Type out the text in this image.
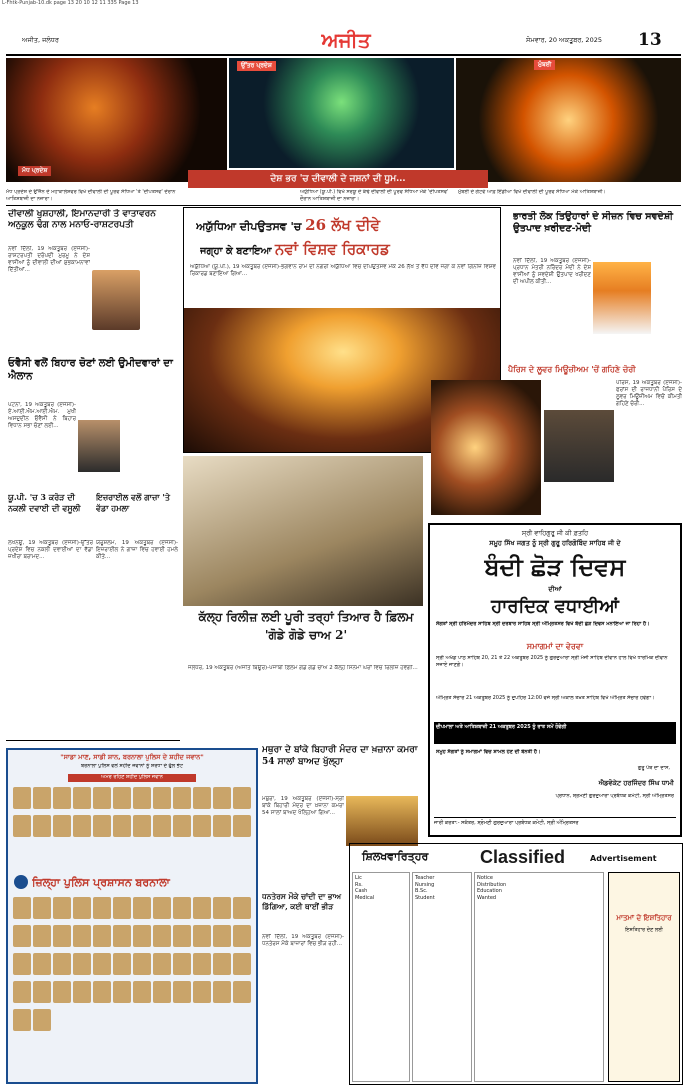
L-Fhtk-Punjab-10.dk page 13 20 10 12 11 335 Page 13
ਅਜੀਤ, ਜਲੰਧਰ	ਅਜੀਤ	ਸੋਮਵਾਰ, 20 ਅਕਤੂਬਰ, 2025	13
ਮੱਧ ਪ੍ਰਦੇਸ਼
ਉੱਤਰ ਪ੍ਰਦੇਸ਼	ਮੁੰਬਈ
ਦੇਸ਼ ਭਰ 'ਚ ਦੀਵਾਲੀ ਦੇ ਜਸ਼ਨਾਂ ਦੀ ਧੂਮ...
ਮੱਧ ਪ੍ਰਦੇਸ਼ ਦੇ ਉੱਜੈਨ ਦੇ ਮਹਾਕਾਲੇਸ਼ਵਰ ਵਿਖੇ ਦੀਵਾਲੀ ਦੀ ਪੂਰਵ ਸੰਧਿਆ 'ਤੇ 'ਦੀਪੋਤਸਵ' ਦੌਰਾਨ ਆਤਿਸ਼ਬਾਜ਼ੀ ਦਾ ਨਜ਼ਾਰਾ।
ਅਯੁੱਧਿਆ (ਯੂ.ਪੀ.) ਵਿਖੇ ਸਰਯੂ ਦੇ ਕੰਢੇ ਦੀਵਾਲੀ ਦੀ ਪੂਰਵ ਸੰਧਿਆ ਮੌਕੇ 'ਦੀਪੋਤਸਵ' ਦੌਰਾਨ ਆਤਿਸ਼ਬਾਜ਼ੀ ਦਾ ਨਜ਼ਾਰਾ।
ਮੁੰਬਈ ਦੇ ਗੇਟਵੇ ਆਫ਼ ਇੰਡੀਆ ਵਿਖੇ ਦੀਵਾਲੀ ਦੀ ਪੂਰਵ ਸੰਧਿਆ ਮੌਕੇ ਆਤਿਸ਼ਬਾਜ਼ੀ।
ਦੀਵਾਲੀ ਖੁਸ਼ਹਾਲੀ, ਇਮਾਨਦਾਰੀ ਤੇ ਵਾਤਾਵਰਨ ਅਨੁਕੂਲ ਢੰਗ ਨਾਲ ਮਨਾਓ-ਰਾਸ਼ਟਰਪਤੀ
ਨਵੀਂ ਦਿੱਲੀ, 19 ਅਕਤੂਬਰ (ਏਜੰਸੀ)-ਰਾਸ਼ਟਰਪਤੀ ਦਰੋਪਦੀ ਮੁਰਮੂ ਨੇ ਦੇਸ਼ ਵਾਸੀਆਂ ਨੂੰ ਦੀਵਾਲੀ ਦੀਆਂ ਸ਼ੁਭਕਾਮਨਾਵਾਂ ਦਿੱਤੀਆਂ...
ਓਵੈਸੀ ਵਲੋਂ ਬਿਹਾਰ ਚੋਣਾਂ ਲਈ ਉਮੀਦਵਾਰਾਂ ਦਾ ਐਲਾਨ
ਪਟਨਾ, 19 ਅਕਤੂਬਰ (ਏਜੰਸੀ)-ਏ.ਆਈ.ਐਮ.ਆਈ.ਐਮ. ਮੁਖੀ ਅਸਦੁਦੀਨ ਓਵੈਸੀ ਨੇ ਬਿਹਾਰ ਵਿਧਾਨ ਸਭਾ ਚੋਣਾਂ ਲਈ...
ਯੂ.ਪੀ. 'ਚ 3 ਕਰੋੜ ਦੀ ਨਕਲੀ ਦਵਾਈ ਦੀ ਵਸੂਲੀ
ਲਖਨਊ, 19 ਅਕਤੂਬਰ (ਏਜੰਸੀ)-ਉੱਤਰ ਪ੍ਰਦੇਸ਼ ਵਿਚ ਨਕਲੀ ਦਵਾਈਆਂ ਦਾ ਵੱਡਾ ਜ਼ਖੀਰਾ ਬਰਾਮਦ...
ਇਜ਼ਰਾਈਲ ਵਲੋਂ ਗਾਜ਼ਾ 'ਤੇ ਵੱਡਾ ਹਮਲਾ
ਯੇਰੂਸ਼ਲਮ, 19 ਅਕਤੂਬਰ (ਏਜੰਸੀ)-ਇਜ਼ਰਾਈਲ ਨੇ ਗਾਜ਼ਾ ਵਿਚ ਹਵਾਈ ਹਮਲੇ ਕੀਤੇ...
ਅਯੁੱਧਿਆ ਦੀਪਉਤਸਵ 'ਚ 26 ਲੱਖ ਦੀਵੇ
ਜਗ੍ਹਾ ਕੇ ਬਣਾਇਆ ਨਵਾਂ ਵਿਸ਼ਵ ਰਿਕਾਰਡ
ਅਯੁੱਧਿਆ (ਯੂ.ਪੀ.), 19 ਅਕਤੂਬਰ (ਏਜੰਸੀ)-ਭਗਵਾਨ ਰਾਮ ਦੀ ਨਗਰੀ ਅਯੁੱਧਿਆ ਵਿਚ ਦੀਪਉਤਸਵ ਮੌਕੇ 26 ਲੱਖ ਤੋਂ ਵੱਧ ਦੀਵੇ ਜਗਾ ਕੇ ਨਵਾਂ ਗਿੰਨੀਜ਼ ਵਿਸ਼ਵ ਰਿਕਾਰਡ ਬਣਾਇਆ ਗਿਆ...
ਕੱਲ੍ਹ ਰਿਲੀਜ਼ ਲਈ ਪੂਰੀ ਤਰ੍ਹਾਂ ਤਿਆਰ ਹੈ ਫ਼ਿਲਮ 'ਗੋਡੇ ਗੋਡੇ ਚਾਅ 2'
ਜਲੰਧਰ, 19 ਅਕਤੂਬਰ (ਅਜੀਤ ਬਿਊਰੋ)-ਪੰਜਾਬੀ ਫ਼ਿਲਮ ਗੋਡੇ ਗੋਡੇ ਚਾਅ 2 ਕੱਲ੍ਹ ਸਿਨੇਮਾ ਘਰਾਂ ਵਿਚ ਰਿਲੀਜ਼ ਹੋਵੇਗੀ...
ਭਾਰਤੀ ਲੋਕ ਤਿਉਹਾਰਾਂ ਦੇ ਸੀਜ਼ਨ ਵਿਚ ਸਵਦੇਸ਼ੀ ਉਤਪਾਦ ਖ਼ਰੀਦਣ-ਮੋਦੀ
ਨਵੀਂ ਦਿੱਲੀ, 19 ਅਕਤੂਬਰ (ਏਜੰਸੀ)-ਪ੍ਰਧਾਨ ਮੰਤਰੀ ਨਰਿੰਦਰ ਮੋਦੀ ਨੇ ਦੇਸ਼ ਵਾਸੀਆਂ ਨੂੰ ਸਵਦੇਸ਼ੀ ਉਤਪਾਦ ਖਰੀਦਣ ਦੀ ਅਪੀਲ ਕੀਤੀ...
ਪੈਰਿਸ ਦੇ ਲੂਵਰ ਮਿਊਜ਼ੀਅਮ 'ਚੋਂ ਗਹਿਣੇ ਚੋਰੀ
ਪੈਰਿਸ, 19 ਅਕਤੂਬਰ (ਏਜੰਸੀ)-ਫਰਾਂਸ ਦੀ ਰਾਜਧਾਨੀ ਪੈਰਿਸ ਦੇ ਲੂਵਰ ਮਿਊਜ਼ੀਅਮ ਵਿਚੋਂ ਕੀਮਤੀ ਗਹਿਣੇ ਚੋਰੀ...
ਸ੍ਰੀ ਵਾਹਿਗੁਰੂ ਜੀ ਕੀ ਫ਼ਤਹਿ
ਸਮੂਹ ਸਿੱਖ ਜਗਤ ਨੂੰ ਸ੍ਰੀ ਗੁਰੂ ਹਰਿਗੋਬਿੰਦ ਸਾਹਿਬ ਜੀ ਦੇ
ਬੰਦੀ ਛੋੜ ਦਿਵਸ
ਦੀਆਂ
ਹਾਰਦਿਕ ਵਧਾਈਆਂ
ਸੰਗਤਾਂ ਸ੍ਰੀ ਹਰਿਮੰਦਰ ਸਾਹਿਬ ਸ੍ਰੀ ਦਰਬਾਰ ਸਾਹਿਬ ਸ੍ਰੀ ਅੰਮ੍ਰਿਤਸਰ ਵਿਖੇ ਬੰਦੀ ਛੋੜ ਦਿਵਸ ਮਨਾਇਆ ਜਾ ਰਿਹਾ ਹੈ।
ਸਮਾਗਮਾਂ ਦਾ ਵੇਰਵਾ
ਸ੍ਰੀ ਅਖੰਡ ਪਾਠ ਸਾਹਿਬ 20, 21 ਤੇ 22 ਅਕਤੂਬਰ 2025 ਨੂੰ ਗੁਰਦੁਆਰਾ ਸ੍ਰੀ ਮੰਜੀ ਸਾਹਿਬ ਦੀਵਾਨ ਹਾਲ ਵਿਖੇ ਧਾਰਮਿਕ ਦੀਵਾਨ ਸਜਾਏ ਜਾਣਗੇ।
ਅੰਮ੍ਰਿਤ ਸੰਚਾਰ 21 ਅਕਤੂਬਰ 2025 ਨੂੰ ਦੁਪਹਿਰ 12:00 ਵਜੇ ਸ੍ਰੀ ਅਕਾਲ ਤਖ਼ਤ ਸਾਹਿਬ ਵਿਖੇ ਅੰਮ੍ਰਿਤ ਸੰਚਾਰ ਹੋਵੇਗਾ।
ਦੀਪਮਾਲਾ ਅਤੇ ਆਤਿਸ਼ਬਾਜ਼ੀ 21 ਅਕਤੂਬਰ 2025 ਨੂੰ ਰਾਤ ਸਮੇਂ ਹੋਵੇਗੀ
ਸਮੂਹ ਸੰਗਤਾਂ ਨੂੰ ਸਮਾਗਮਾਂ ਵਿਚ ਸ਼ਾਮਲ ਹੋਣ ਦੀ ਬੇਨਤੀ ਹੈ।
ਗੁਰੂ ਪੰਥ ਦਾ ਦਾਸ,
ਐਡਵੋਕੇਟ ਹਰਜਿੰਦਰ ਸਿੰਘ ਧਾਮੀ
ਪ੍ਰਧਾਨ, ਸ਼੍ਰੋਮਣੀ ਗੁਰਦੁਆਰਾ ਪ੍ਰਬੰਧਕ ਕਮੇਟੀ, ਸ੍ਰੀ ਅੰਮ੍ਰਿਤਸਰ
ਜਾਰੀ ਕਰਤਾ:- ਸਕੱਤਰ, ਸ਼੍ਰੋਮਣੀ ਗੁਰਦੁਆਰਾ ਪ੍ਰਬੰਧਕ ਕਮੇਟੀ, ਸ੍ਰੀ ਅੰਮ੍ਰਿਤਸਰ
"ਸਾਡਾ ਮਾਣ, ਸਾਡੀ ਸ਼ਾਨ, ਬਰਨਾਲਾ ਪੁਲਿਸ ਦੇ ਸ਼ਹੀਦ ਜਵਾਨ"
ਬਰਨਾਲਾ ਪੁਲਿਸ ਵਲੋਂ ਸ਼ਹੀਦ ਜਵਾਨਾਂ ਨੂੰ ਸ਼ਰਧਾ ਦੇ ਫੁੱਲ ਭੇਟ
ਅਮਰ ਰਹਿਣ ਸ਼ਹੀਦ ਪੁਲਿਸ ਜਵਾਨ
ਜ਼ਿਲ੍ਹਾ ਪੁਲਿਸ ਪ੍ਰਸ਼ਾਸਨ ਬਰਨਾਲਾ
ਮਥੁਰਾ ਦੇ ਬਾਂਕੇ ਬਿਹਾਰੀ ਮੰਦਰ ਦਾ ਖ਼ਜ਼ਾਨਾ ਕਮਰਾ 54 ਸਾਲਾਂ ਬਾਅਦ ਖੁੱਲ੍ਹਾ
ਮਥੁਰਾ, 19 ਅਕਤੂਬਰ (ਏਜੰਸੀ)-ਸ੍ਰੀ ਬਾਂਕੇ ਬਿਹਾਰੀ ਮੰਦਰ ਦਾ ਖ਼ਜ਼ਾਨਾ ਕਮਰਾ 54 ਸਾਲਾਂ ਬਾਅਦ ਖੋਲ੍ਹਿਆ ਗਿਆ...
ਧਨਤੇਰਸ ਮੌਕੇ ਚਾਂਦੀ ਦਾ ਭਾਅ ਡਿੱਗਿਆ, ਕਈ ਥਾਈਂ ਭੀੜ
ਨਵੀਂ ਦਿੱਲੀ, 19 ਅਕਤੂਬਰ (ਏਜੰਸੀ)-ਧਨਤੇਰਸ ਮੌਕੇ ਬਾਜ਼ਾਰਾਂ ਵਿਚ ਭੀੜ ਰਹੀ...
ਸ਼ਿਲਖਵਾਰਿਤ੍ਹਰ	Classified	Advertisement
Lic
Rs.
Cash
Medical
Teacher
Nursing
B.Sc.
Student
Notice
Distribution
Education
Wanted
ਮਾਤਮਾਂ ਦੇ ਇਸ਼ਤਿਹਾਰ
ਇਸ਼ਤਿਹਾਰ ਦੇਣ ਲਈ
